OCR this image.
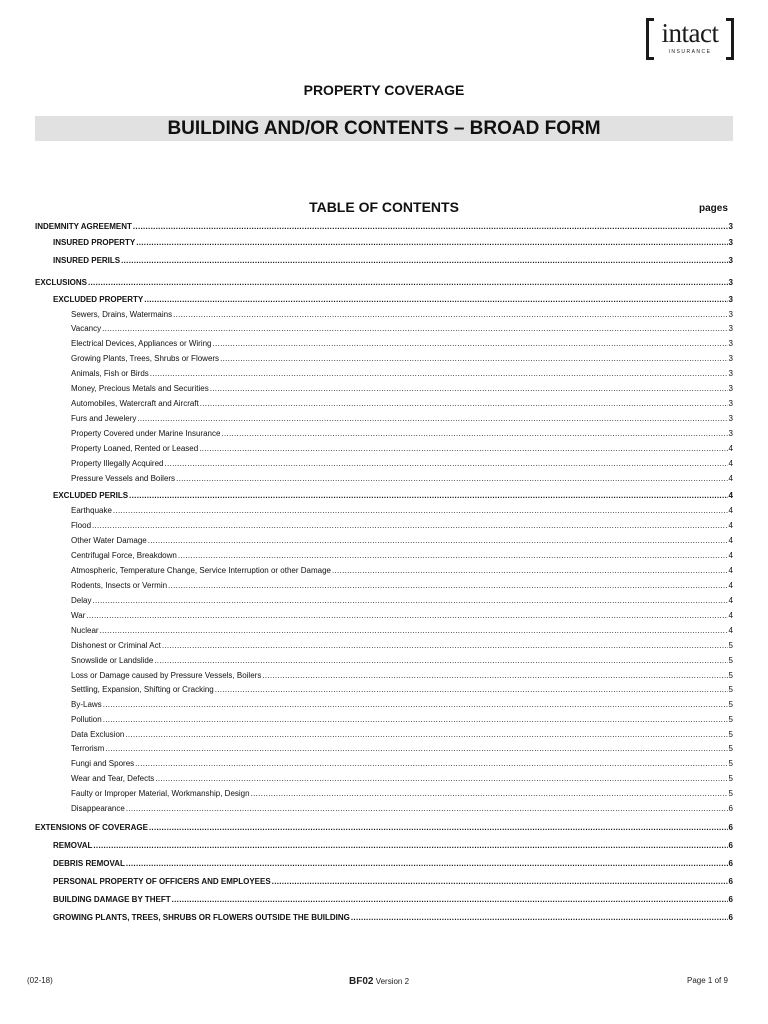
intact
INSURANCE
PROPERTY COVERAGE
BUILDING AND/OR CONTENTS – BROAD FORM
TABLE OF CONTENTS	pages
INDEMNITY AGREEMENT .....	3
INSURED PROPERTY .....	3
INSURED PERILS .....	3
EXCLUSIONS .....	3
EXCLUDED PROPERTY .....	3
Sewers, Drains, Watermains .....	3
Vacancy .....	3
Electrical Devices, Appliances or Wiring .....	3
Growing Plants, Trees, Shrubs or Flowers .....	3
Animals, Fish or Birds .....	3
Money, Precious Metals and Securities .....	3
Automobiles, Watercraft and Aircraft .....	3
Furs and Jewelery .....	3
Property Covered under Marine Insurance .....	3
Property Loaned, Rented or Leased .....	4
Property Illegally Acquired .....	4
Pressure Vessels and Boilers .....	4
EXCLUDED PERILS .....	4
Earthquake .....	4
Flood .....	4
Other Water Damage .....	4
Centrifugal Force, Breakdown .....	4
Atmospheric, Temperature Change, Service Interruption or other Damage .....	4
Rodents, Insects or Vermin .....	4
Delay .....	4
War .....	4
Nuclear .....	4
Dishonest or Criminal Act .....	5
Snowslide or Landslide .....	5
Loss or Damage caused by Pressure Vessels, Boilers .....	5
Settling, Expansion, Shifting or Cracking .....	5
By-Laws .....	5
Pollution .....	5
Data Exclusion .....	5
Terrorism .....	5
Fungi and Spores .....	5
Wear and Tear, Defects .....	5
Faulty or Improper Material, Workmanship, Design .....	5
Disappearance .....	6
EXTENSIONS OF COVERAGE .....	6
REMOVAL .....	6
DEBRIS REMOVAL .....	6
PERSONAL PROPERTY OF OFFICERS AND EMPLOYEES .....	6
BUILDING DAMAGE BY THEFT .....	6
GROWING PLANTS, TREES, SHRUBS OR FLOWERS OUTSIDE THE BUILDING .....	6
(02-18)	BF02 Version 2	Page 1 of 9
